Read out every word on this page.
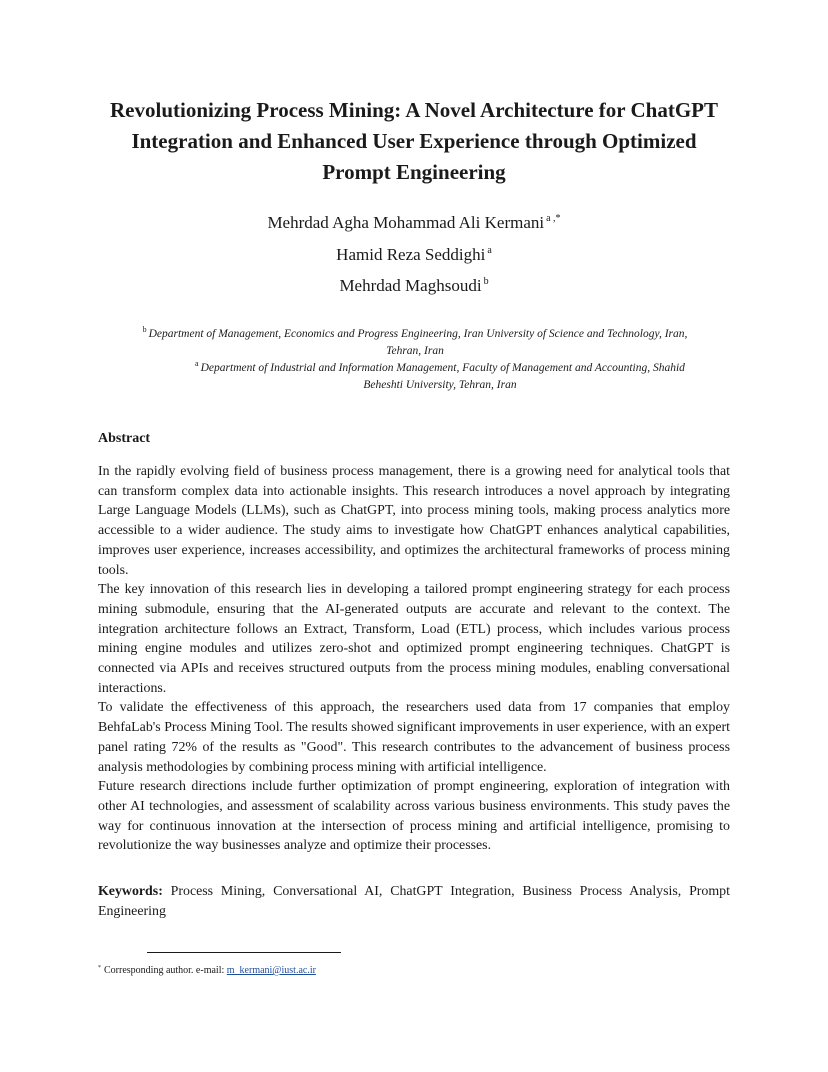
Revolutionizing Process Mining: A Novel Architecture for ChatGPT
Integration and Enhanced User Experience through Optimized
Prompt Engineering
Mehrdad Agha Mohammad Ali Kermani $^{a ,*}$
Hamid Reza Seddighi $^a$
Mehrdad Maghsoudi $^b$
$^b$ Department of Management, Economics and Progress Engineering, Iran University of Science and Technology, Iran,
Tehran, Iran
$^a$ Department of Industrial and Information Management, Faculty of Management and Accounting, Shahid
Beheshti University, Tehran, Iran
Abstract

In the rapidly evolving field of business process management, there is a growing need for analytical tools that can transform complex data into actionable insights. This research introduces a novel approach by integrating Large Language Models (LLMs), such as ChatGPT, into process mining tools, making process analytics more accessible to a wider audience. The study aims to investigate how ChatGPT enhances analytical capabilities, improves user experience, increases accessibility, and optimizes the architectural frameworks of process mining tools.

The key innovation of this research lies in developing a tailored prompt engineering strategy for each process mining submodule, ensuring that the AI-generated outputs are accurate and relevant to the context. The integration architecture follows an Extract, Transform, Load (ETL) process, which includes various process mining engine modules and utilizes zero-shot and optimized prompt engineering techniques. ChatGPT is connected via APIs and receives structured outputs from the process mining modules, enabling conversational interactions.

To validate the effectiveness of this approach, the researchers used data from 17 companies that employ BehfaLab's Process Mining Tool. The results showed significant improvements in user experience, with an expert panel rating 72% of the results as "Good". This research contributes to the advancement of business process analysis methodologies by combining process mining with artificial intelligence.

Future research directions include further optimization of prompt engineering, exploration of integration with other AI technologies, and assessment of scalability across various business environments. This study paves the way for continuous innovation at the intersection of process mining and artificial intelligence, promising to revolutionize the way businesses analyze and optimize their processes.

Keywords: Process Mining, Conversational AI, ChatGPT Integration, Business Process Analysis, Prompt Engineering
* Corresponding author. e-mail: m_kermani@iust.ac.ir
